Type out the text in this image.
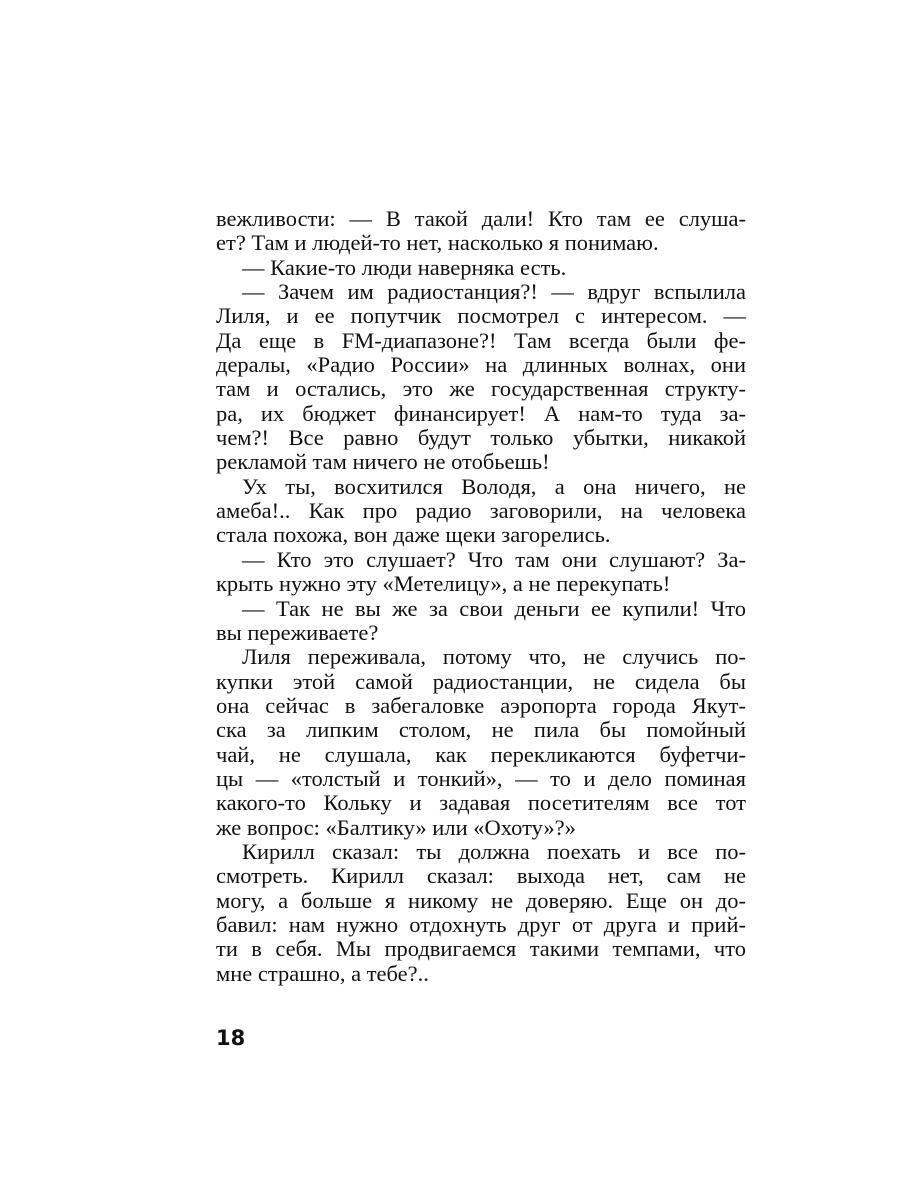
вежливости: — В такой дали! Кто там ее слуша-
ет? Там и людей-то нет, насколько я понимаю.
— Какие-то люди наверняка есть.
— Зачем им радиостанция?! — вдруг вспылила
Лиля, и ее попутчик посмотрел с интересом. —
Да еще в FM-диапазоне?! Там всегда были фе-
дералы, «Радио России» на длинных волнах, они
там и остались, это же государственная структу-
ра, их бюджет финансирует! А нам-то туда за-
чем?! Все равно будут только убытки, никакой
рекламой там ничего не отобьешь!
Ух ты, восхитился Володя, а она ничего, не
амеба!.. Как про радио заговорили, на человека
стала похожа, вон даже щеки загорелись.
— Кто это слушает? Что там они слушают? За-
крыть нужно эту «Метелицу», а не перекупать!
— Так не вы же за свои деньги ее купили! Что
вы переживаете?
Лиля переживала, потому что, не случись по-
купки этой самой радиостанции, не сидела бы
она сейчас в забегаловке аэропорта города Якут-
ска за липким столом, не пила бы помойный
чай, не слушала, как перекликаются буфетчи-
цы — «толстый и тонкий», — то и дело поминая
какого-то Кольку и задавая посетителям все тот
же вопрос: «Балтику» или «Охоту»?»
Кирилл сказал: ты должна поехать и все по-
смотреть. Кирилл сказал: выхода нет, сам не
могу, а больше я никому не доверяю. Еще он до-
бавил: нам нужно отдохнуть друг от друга и прий-
ти в себя. Мы продвигаемся такими темпами, что
мне страшно, а тебе?..
18
